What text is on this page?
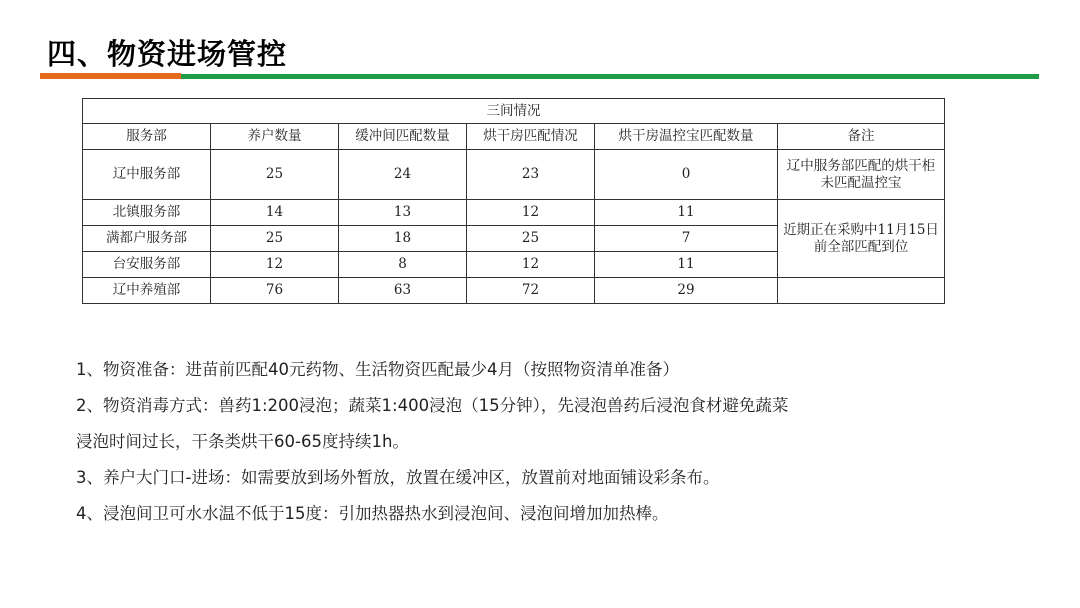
四、物资进场管控
三间情况					
服务部	养户数量	缓冲间匹配数量	烘干房匹配情况	烘干房温控宝匹配数量	备注
辽中服务部	25	24	23	0	辽中服务部匹配的烘干柜未匹配温控宝
北镇服务部	14	13	12	11	近期正在采购中11月15日前全部匹配到位
满都户服务部	25	18	25	7	
台安服务部	12	8	12	11	
辽中养殖部	76	63	72	29	

1、物资准备：进苗前匹配40元药物、生活物资匹配最少4月（按照物资清单准备）

2、物资消毒方式：兽药1:200浸泡；蔬菜1:400浸泡（15分钟），先浸泡兽药后浸泡食材避免蔬菜

浸泡时间过长，干条类烘干60-65度持续1h。

3、养户大门口-进场：如需要放到场外暂放，放置在缓冲区，放置前对地面铺设彩条布。

4、浸泡间卫可水水温不低于15度：引加热器热水到浸泡间、浸泡间增加加热棒。
